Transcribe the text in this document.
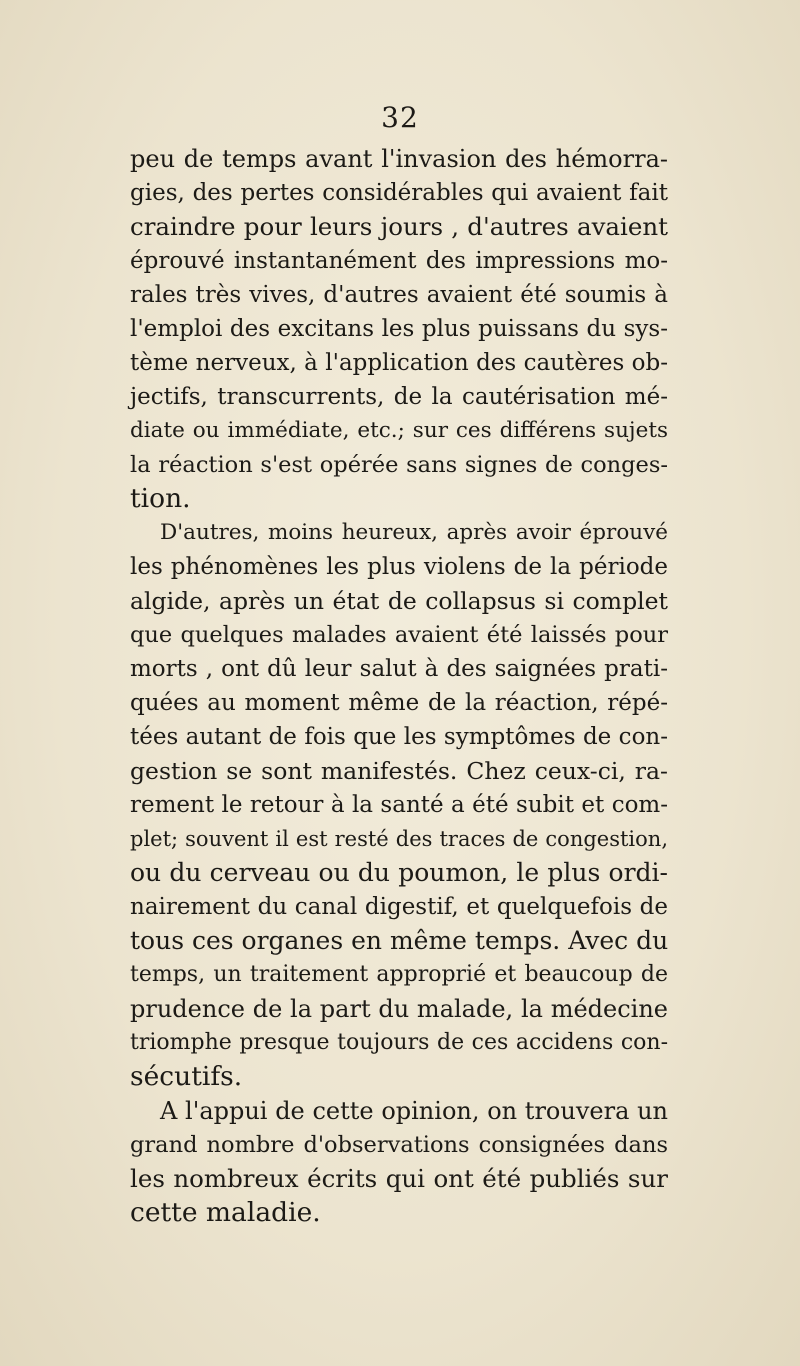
32
peu de temps avant l'invasion des hémorra-
gies, des pertes considérables qui avaient fait
craindre pour leurs jours , d'autres avaient
éprouvé instantanément des impressions mo-
rales très vives, d'autres avaient été soumis à
l'emploi des excitans les plus puissans du sys-
tème nerveux, à l'application des cautères ob-
jectifs, transcurrents, de la cautérisation mé-
diate ou immédiate, etc.; sur ces différens sujets
la réaction s'est opérée sans signes de conges-
tion.
D'autres, moins heureux, après avoir éprouvé
les phénomènes les plus violens de la période
algide, après un état de collapsus si complet
que quelques malades avaient été laissés pour
morts , ont dû leur salut à des saignées prati-
quées au moment même de la réaction, répé-
tées autant de fois que les symptômes de con-
gestion se sont manifestés. Chez ceux-ci, ra-
rement le retour à la santé a été subit et com-
plet; souvent il est resté des traces de congestion,
ou du cerveau ou du poumon, le plus ordi-
nairement du canal digestif, et quelquefois de
tous ces organes en même temps. Avec du
temps, un traitement approprié et beaucoup de
prudence de la part du malade, la médecine
triomphe presque toujours de ces accidens con-
sécutifs.
A l'appui de cette opinion, on trouvera un
grand nombre d'observations consignées dans
les nombreux écrits qui ont été publiés sur
cette maladie.
